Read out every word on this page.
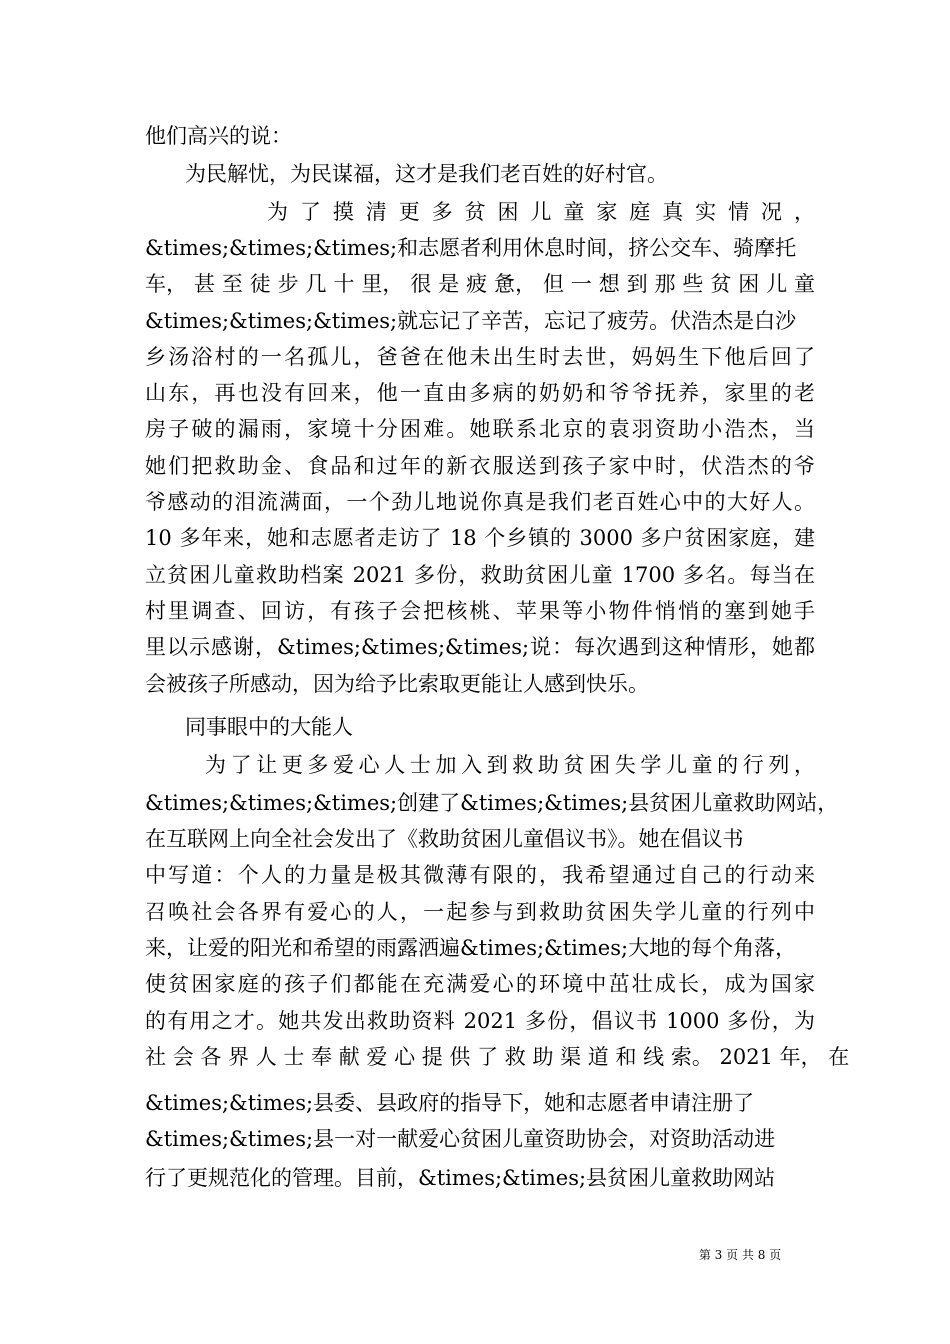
他们高兴的说：
为民解忧，为民谋福，这才是我们老百姓的好村官。
为 了 摸 清 更 多 贫 困 儿 童 家 庭 真 实 情 况 ，
&times;&times;&times;和志愿者利用休息时间，挤公交车、骑摩托
车， 甚 至 徒 步 几 十 里， 很 是 疲 惫， 但 一 想 到 那 些 贫 困 儿 童
&times;&times;&times;就忘记了辛苦，忘记了疲劳。伏浩杰是白沙
乡汤浴村的一名孤儿，爸爸在他未出生时去世，妈妈生下他后回了
山东，再也没有回来，他一直由多病的奶奶和爷爷抚养，家里的老
房子破的漏雨，家境十分困难。她联系北京的袁羽资助小浩杰，当
她们把救助金、食品和过年的新衣服送到孩子家中时，伏浩杰的爷
爷感动的泪流满面，一个劲儿地说你真是我们老百姓心中的大好人。
10 多年来，她和志愿者走访了 18 个乡镇的 3000 多户贫困家庭，建
立贫困儿童救助档案 2021 多份，救助贫困儿童 1700 多名。每当在
村里调查、回访，有孩子会把核桃、苹果等小物件悄悄的塞到她手
里以示感谢，&times;&times;&times;说：每次遇到这种情形，她都
会被孩子所感动，因为给予比索取更能让人感到快乐。
同事眼中的大能人
为了让更多爱心人士加入到救助贫困失学儿童的行列，
&times;&times;&times;创建了&times;&times;县贫困儿童救助网站，
在互联网上向全社会发出了《救助贫困儿童倡议书》。她在倡议书
中写道：个人的力量是极其微薄有限的，我希望通过自己的行动来
召唤社会各界有爱心的人，一起参与到救助贫困失学儿童的行列中
来，让爱的阳光和希望的雨露洒遍&times;&times;大地的每个角落，
使贫困家庭的孩子们都能在充满爱心的环境中茁壮成长，成为国家
的有用之才。她共发出救助资料 2021 多份，倡议书 1000 多份，为
社 会 各 界 人 士 奉 献 爱 心 提 供 了 救 助 渠 道 和 线 索。 2021 年， 在
&times;&times;县委、县政府的指导下，她和志愿者申请注册了
&times;&times;县一对一献爱心贫困儿童资助协会，对资助活动进
行了更规范化的管理。目前，&times;&times;县贫困儿童救助网站
第 3 页 共 8 页
